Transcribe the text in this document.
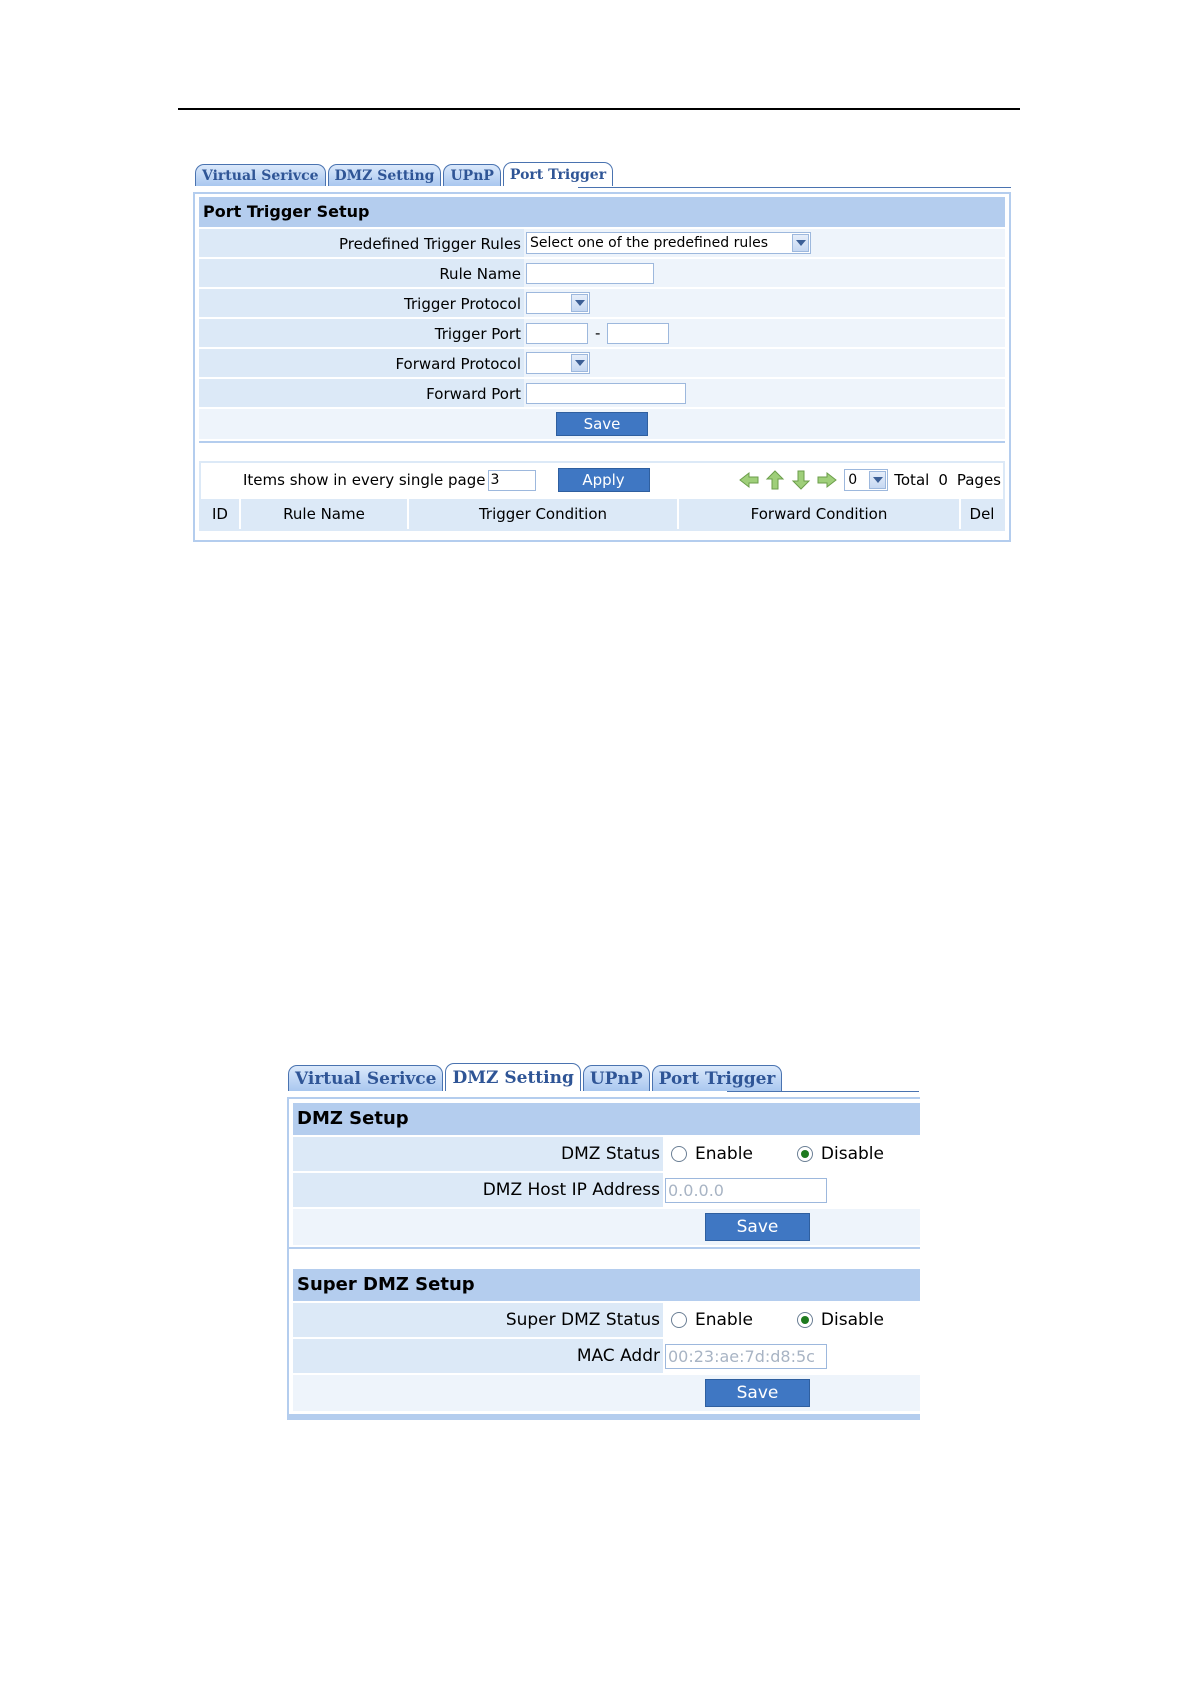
Virtual Serivce	DMZ Setting	UPnP	Port Trigger
Port Trigger Setup
Predefined Trigger Rules Select one of the predefined rules
Rule Name
Trigger Protocol
Trigger Port	-
Forward Protocol
Forward Port
Save
Items show in every single page 3	Apply	0 Total 0 Pages
ID	Rule Name	Trigger Condition	Forward Condition	Del
Virtual Serivce DMZ Setting UPnP Port Trigger
DMZ Setup
DMZ Status Enable	Disable
DMZ Host IP Address 0.0.0.0
Save
Super DMZ Setup
Super DMZ Status Enable	Disable
MAC Addr 00:23:ae:7d:d8:5c
Save
